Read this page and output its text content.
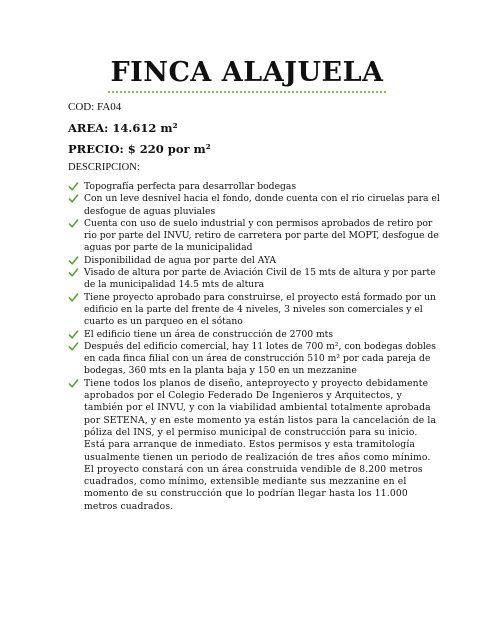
FINCA ALAJUELA
COD: FA04
AREA: 14.612 m²
PRECIO: $ 220 por m²
DESCRIPCION:
Topografía perfecta para desarrollar bodegas
Con un leve desnivel hacia el fondo, donde cuenta con el rio ciruelas para el desfogue de aguas pluviales
Cuenta con uso de suelo industrial y con permisos aprobados de retiro por rio por parte del INVU, retiro de carretera por parte del MOPT, desfogue de aguas por parte de la municipalidad
Disponibilidad de agua por parte del AYA
Visado de altura por parte de Aviación Civil de 15 mts de altura y por parte de la municipalidad 14.5 mts de altura
Tiene proyecto aprobado para construirse, el proyecto está formado por un edificio en la parte del frente de 4 niveles, 3 niveles son comerciales y el cuarto es un parqueo en el sótano
El edificio tiene un área de construcción de 2700 mts
Después del edificio comercial, hay 11 lotes de 700 m², con bodegas dobles en cada finca filial con un área de construcción 510 m² por cada pareja de bodegas, 360 mts en la planta baja y 150 en un mezzanine
Tiene todos los planos de diseño, anteproyecto y proyecto debidamente aprobados por el Colegio Federado De Ingenieros y Arquitectos, y también por el INVU, y con la viabilidad ambiental totalmente aprobada por SETENA, y en este momento ya están listos para la cancelación de la póliza del INS, y el permiso municipal de construcción para su inicio. Está para arranque de inmediato. Estos permisos y esta tramitología usualmente tienen un periodo de realización de tres años como mínimo. El proyecto constará con un área construida vendible de 8.200 metros cuadrados, como mínimo, extensible mediante sus mezzanine en el momento de su construcción que lo podrían llegar hasta los 11.000 metros cuadrados.
